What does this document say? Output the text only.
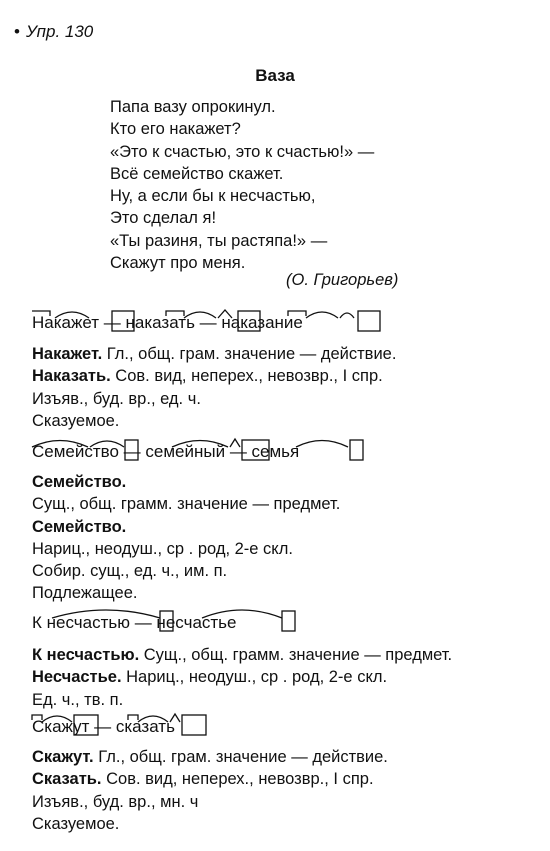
• Упр. 130
Ваза
Папа вазу опрокинул.
Кто его накажет?
«Это к счастью, это к счастью!» —
Всё семейство скажет.
Ну, а если бы к несчастью,
Это сделал я!
«Ты разиня, ты растяпа!» —
Скажут про меня.
(О. Григорьев)
Накажет — наказать — наказание
Накажет. Гл., общ. грам. значение — действие.
Наказать. Сов. вид, неперех., невозвр., I спр.
Изъяв., буд. вр., ед. ч.
Сказуемое.
Семейство — семейный — семья
Семейство.
Сущ., общ. грамм. значение — предмет.
Семейство.
Нариц., неодуш., ср . род, 2-е скл.
Собир. сущ., ед. ч., им. п.
Подлежащее.
К несчастью — несчастье
К несчастью. Сущ., общ. грамм. значение — предмет.
Несчастье. Нариц., неодуш., ср . род, 2-е скл.
Ед. ч., тв. п.
Скажут — сказать
Скажут. Гл., общ. грам. значение — действие.
Сказать. Сов. вид, неперех., невозвр., I спр.
Изъяв., буд. вр., мн. ч
Сказуемое.
